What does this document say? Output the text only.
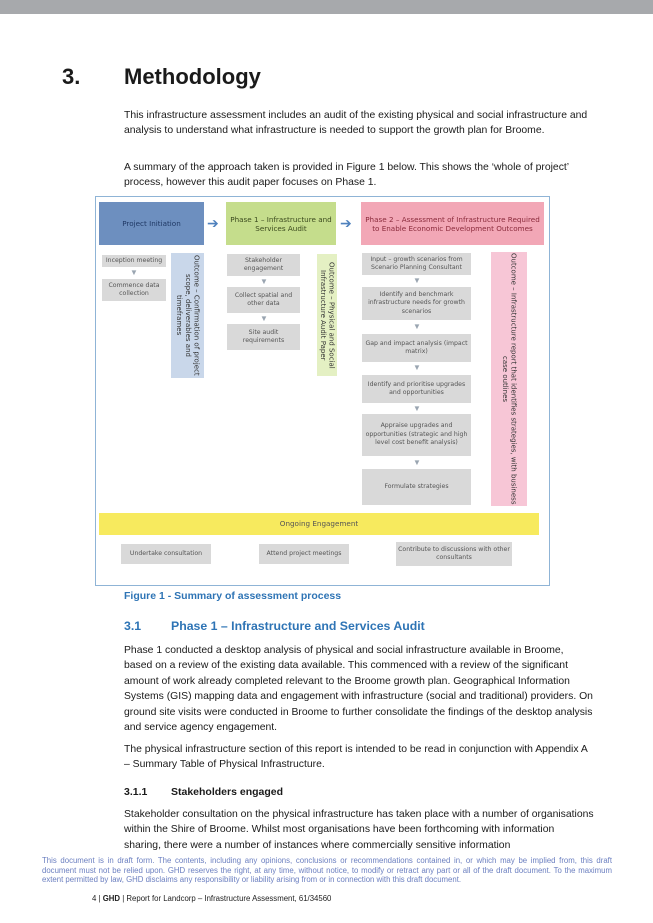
3. Methodology

This infrastructure assessment includes an audit of the existing physical and social infrastructure and analysis to understand what infrastructure is needed to support the growth plan for Broome.

A summary of the approach taken is provided in Figure 1 below. This shows the ‘whole of project’ process, however this audit paper focuses on Phase 1.

Project Initiation	➔	Phase 1 – Infrastructure and Services Audit	➔	Phase 2 – Assessment of Infrastructure Required to Enable Economic Development Outcomes
Inception meeting
▼
Commence data collection	Outcome – Confirmation of project scope, deliverables and timeframes
Stakeholder engagement
▼
Collect spatial and other data
▼
Site audit requirements	Outcome – Physical and Social Infrastructure Audit Paper
Input – growth scenarios from Scenario Planning Consultant
▼
Identify and benchmark infrastructure needs for growth scenarios
▼
Gap and impact analysis (impact matrix)
▼
Identify and prioritise upgrades and opportunities
▼
Appraise upgrades and opportunities (strategic and high level cost benefit analysis)
▼
Formulate strategies	Outcome – Infrastructure report that identifies strategies, with business case outlines
Ongoing Engagement
Undertake consultation	Attend project meetings
Contribute to discussions with other consultants
Figure 1 - Summary of assessment process
3.1 Phase 1 – Infrastructure and Services Audit

Phase 1 conducted a desktop analysis of physical and social infrastructure available in Broome, based on a review of the existing data available. This commenced with a review of the significant amount of work already completed relevant to the Broome growth plan. Geographical Information Systems (GIS) mapping data and engagement with infrastructure (social and traditional) providers. On ground site visits were conducted in Broome to further consolidate the findings of the desktop analysis and service agency engagement.

The physical infrastructure section of this report is intended to be read in conjunction with Appendix A – Summary Table of Physical Infrastructure.

3.1.1 Stakeholders engaged

Stakeholder consultation on the physical infrastructure has taken place with a number of organisations within the Shire of Broome. Whilst most organisations have been forthcoming with information sharing, there were a number of instances where commercially sensitive information

This document is in draft form. The contents, including any opinions, conclusions or recommendations contained in, or which may be implied from, this draft document must not be relied upon. GHD reserves the right, at any time, without notice, to modify or retract any part or all of the draft document. To the maximum extent permitted by law, GHD disclaims any responsibility or liability arising from or in connection with this draft document.

4 | GHD | Report for Landcorp – Infrastructure Assessment, 61/34560
